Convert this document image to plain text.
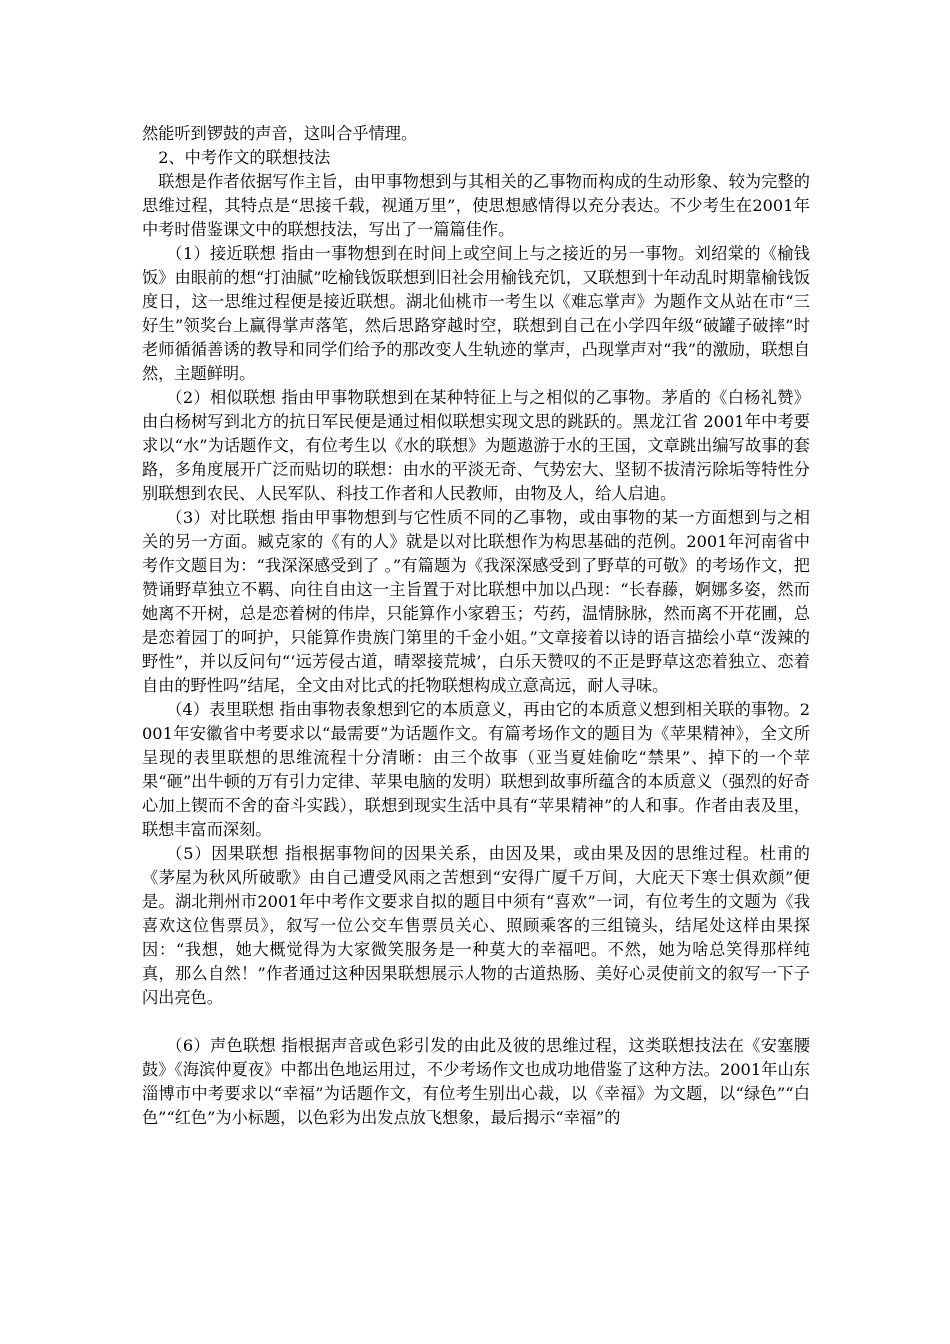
然能听到锣鼓的声音，这叫合乎情理。

2、中考作文的联想技法

联想是作者依据写作主旨，由甲事物想到与其相关的乙事物而构成的生动形象、较为完整的思维过程，其特点是“思接千载，视通万里”，使思想感情得以充分表达。不少考生在2001年中考时借鉴课文中的联想技法，写出了一篇篇佳作。

（1）接近联想 指由一事物想到在时间上或空间上与之接近的另一事物。刘绍棠的《榆钱饭》由眼前的想“打油腻”吃榆钱饭联想到旧社会用榆钱充饥，又联想到十年动乱时期靠榆钱饭度日，这一思维过程便是接近联想。湖北仙桃市一考生以《难忘掌声》为题作文从站在市“三好生”领奖台上赢得掌声落笔，然后思路穿越时空，联想到自己在小学四年级“破罐子破摔”时老师循循善诱的教导和同学们给予的那改变人生轨迹的掌声，凸现掌声对“我”的激励，联想自然，主题鲜明。

（2）相似联想 指由甲事物联想到在某种特征上与之相似的乙事物。茅盾的《白杨礼赞》由白杨树写到北方的抗日军民便是通过相似联想实现文思的跳跃的。黑龙江省 2001年中考要求以“水”为话题作文，有位考生以《水的联想》为题遨游于水的王国，文章跳出编写故事的套路，多角度展开广泛而贴切的联想：由水的平淡无奇、气势宏大、坚韧不拔清污除垢等特性分别联想到农民、人民军队、科技工作者和人民教师，由物及人，给人启迪。

（3）对比联想 指由甲事物想到与它性质不同的乙事物，或由事物的某一方面想到与之相关的另一方面。臧克家的《有的人》就是以对比联想作为构思基础的范例。2001年河南省中考作文题目为：“我深深感受到了 。”有篇题为《我深深感受到了野草的可敬》的考场作文，把赞诵野草独立不羁、向往自由这一主旨置于对比联想中加以凸现：“长春藤，婀娜多姿，然而她离不开树，总是恋着树的伟岸，只能算作小家碧玉；芍药，温情脉脉，然而离不开花圃，总是恋着园丁的呵护，只能算作贵族门第里的千金小姐。”文章接着以诗的语言描绘小草“泼辣的野性”，并以反问句“‘远芳侵古道，晴翠接荒城’，白乐天赞叹的不正是野草这恋着独立、恋着自由的野性吗”结尾，全文由对比式的托物联想构成立意高远，耐人寻味。

（4）表里联想 指由事物表象想到它的本质意义，再由它的本质意义想到相关联的事物。2001年安徽省中考要求以“最需要”为话题作文。有篇考场作文的题目为《苹果精神》，全文所呈现的表里联想的思维流程十分清晰：由三个故事（亚当夏娃偷吃“禁果”、掉下的一个苹果“砸”出牛顿的万有引力定律、苹果电脑的发明）联想到故事所蕴含的本质意义（强烈的好奇心加上锲而不舍的奋斗实践），联想到现实生活中具有“苹果精神”的人和事。作者由表及里，联想丰富而深刻。

（5）因果联想 指根据事物间的因果关系，由因及果，或由果及因的思维过程。杜甫的《茅屋为秋风所破歌》由自己遭受风雨之苦想到“安得广厦千万间，大庇天下寒士俱欢颜”便是。湖北荆州市2001年中考作文要求自拟的题目中须有“喜欢”一词，有位考生的文题为《我喜欢这位售票员》，叙写一位公交车售票员关心、照顾乘客的三组镜头，结尾处这样由果探因：“我想，她大概觉得为大家微笑服务是一种莫大的幸福吧。不然，她为啥总笑得那样纯真，那么自然！”作者通过这种因果联想展示人物的古道热肠、美好心灵使前文的叙写一下子闪出亮色。

（6）声色联想 指根据声音或色彩引发的由此及彼的思维过程，这类联想技法在《安塞腰鼓》《海滨仲夏夜》中都出色地运用过，不少考场作文也成功地借鉴了这种方法。2001年山东淄博市中考要求以“幸福”为话题作文，有位考生别出心裁，以《幸福》为文题，以“绿色”“白色”“红色”为小标题，以色彩为出发点放飞想象，最后揭示“幸福”的
